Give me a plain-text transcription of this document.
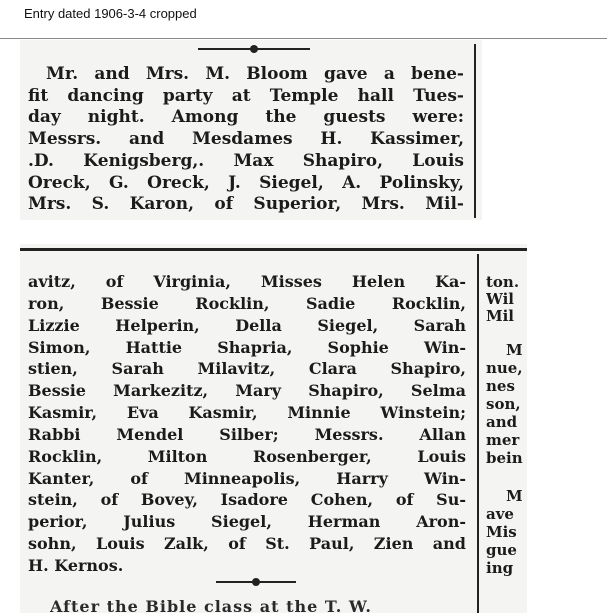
Entry dated 1906-3-4 cropped
Mr. and Mrs. M. Bloom gave a bene-
fit dancing party at Temple hall Tues-
day night. Among the guests were:
Messrs. and Mesdames H. Kassimer,
.D. Kenigsberg,. Max Shapiro, Louis
Oreck, G. Oreck, J. Siegel, A. Polinsky,
Mrs. S. Karon, of Superior, Mrs. Mil-
avitz, of Virginia, Misses Helen Ka-
ron, Bessie Rocklin, Sadie Rocklin,
Lizzie Helperin, Della Siegel, Sarah
Simon, Hattie Shapria, Sophie Win-
stien, Sarah Milavitz, Clara Shapiro,
Bessie Markezitz, Mary Shapiro, Selma
Kasmir, Eva Kasmir, Minnie Winstein;
Rabbi Mendel Silber; Messrs. Allan
Rocklin, Milton Rosenberger, Louis
Kanter, of Minneapolis, Harry Win-
stein, of Bovey, Isadore Cohen, of Su-
perior, Julius Siegel, Herman Aron-
sohn, Louis Zalk, of St. Paul, Zien and
H. Kernos.
ton.
Wil
Mil
M
nue,
nes
son,
and
mer
bein
M
ave
Mis
gue
ing
After the Bible class at the T. W.
